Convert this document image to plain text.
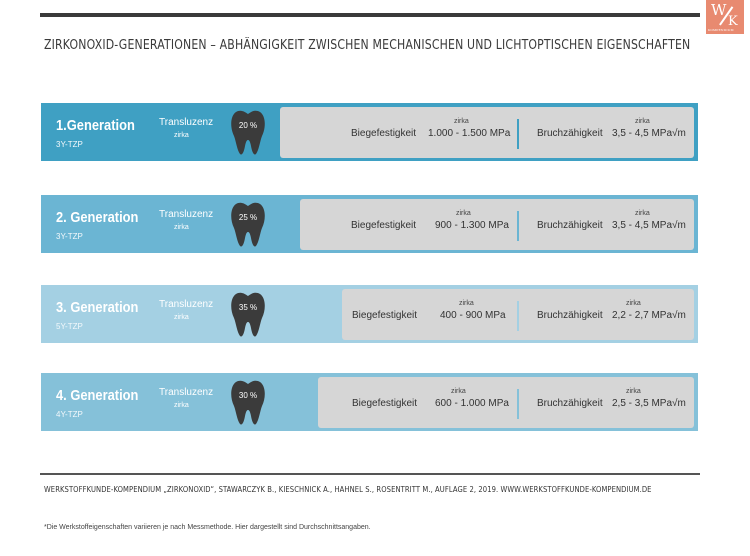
W
K
KOMPENDIUM
ZIRKONOXID-GENERATIONEN – ABHÄNGIGKEIT ZWISCHEN MECHANISCHEN UND LICHTOPTISCHEN EIGENSCHAFTEN
1.Generation
3Y-TZP
Transluzenz
zirka
20 %
Biegefestigkeit
zirka
1.000 - 1.500 MPa	Bruchzähigkeit
zirka
3,5 - 4,5 MPa√m
2. Generation
3Y-TZP
Transluzenz
zirka
25 %
Biegefestigkeit
zirka
900 - 1.300 MPa	Bruchzähigkeit
zirka
3,5 - 4,5 MPa√m
3. Generation
5Y-TZP
Transluzenz
zirka
35 %
Biegefestigkeit
zirka
400 - 900 MPa	Bruchzähigkeit
zirka
2,2 - 2,7 MPa√m
4. Generation
4Y-TZP
Transluzenz
zirka
30 %
Biegefestigkeit
zirka
600 - 1.000 MPa	Bruchzähigkeit
zirka
2,5 - 3,5 MPa√m
WERKSTOFFKUNDE-KOMPENDIUM „ZIRKONOXID“, STAWARCZYK B., KIESCHNICK A., HAHNEL S., ROSENTRITT M., AUFLAGE 2, 2019. WWW.WERKSTOFFKUNDE-KOMPENDIUM.DE
*Die Werkstoffeigenschaften variieren je nach Messmethode. Hier dargestellt sind Durchschnittsangaben.
